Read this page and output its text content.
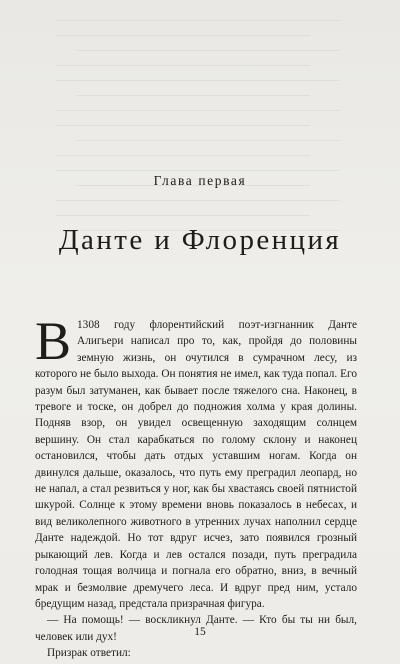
Глава первая
Данте и Флоренция

В 1308 году флорентийский поэт-изгнанник Данте Алигьери написал про то, как, пройдя до половины земную жизнь, он очутился в сумрачном лесу, из которого не было выхода. Он понятия не имел, как туда попал. Его разум был затуманен, как бывает после тяжелого сна. Наконец, в тревоге и тоске, он добрел до подножия холма у края долины. Подняв взор, он увидел освещенную заходящим солнцем вершину. Он стал карабкаться по голому склону и наконец остановился, чтобы дать отдых уставшим ногам. Когда он двинулся дальше, оказалось, что путь ему преградил леопард, но не напал, а стал резвиться у ног, как бы хвастаясь своей пятнистой шкурой. Солнце к этому времени вновь показалось в небесах, и вид великолепного животного в утренних лучах наполнил сердце Данте надеждой. Но тот вдруг исчез, зато появился грозный рыкающий лев. Когда и лев остался позади, путь преградила голодная тощая волчица и погнала его обратно, вниз, в вечный мрак и безмолвие дремучего леса. И вдруг пред ним, устало бредущим назад, предстала призрачная фигура.

— На помощь! — воскликнул Данте. — Кто бы ты ни был, человек или дух!

Призрак ответил:

15
